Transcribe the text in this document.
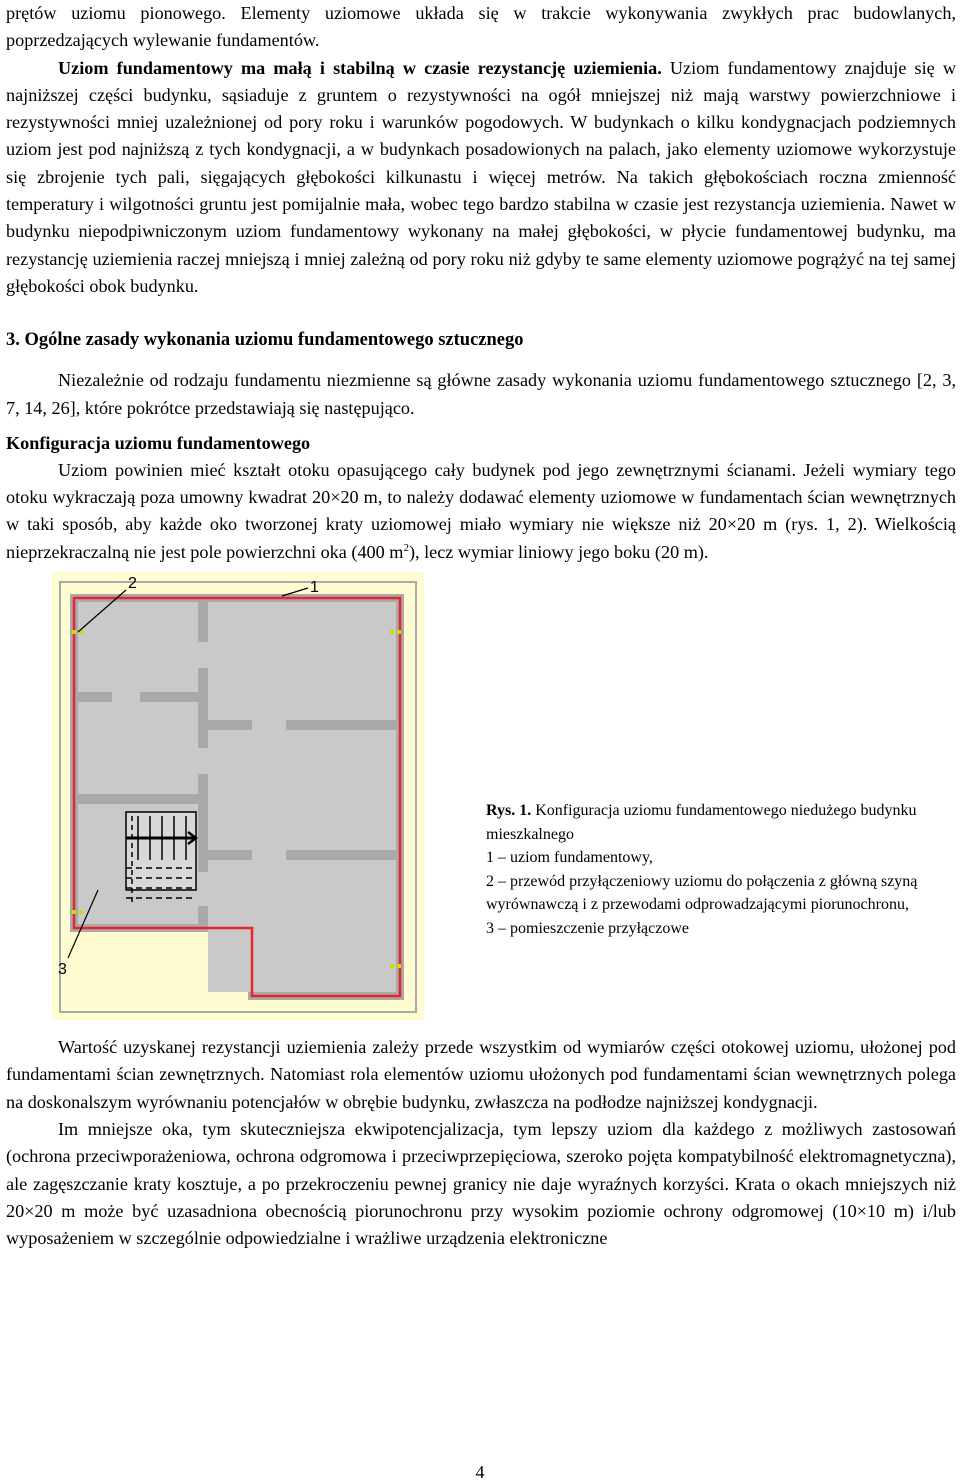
prętów uziomu pionowego. Elementy uziomowe układa się w trakcie wykonywania zwykłych prac budowlanych, poprzedzających wylewanie fundamentów.

Uziom fundamentowy ma małą i stabilną w czasie rezystancję uziemienia. Uziom fundamentowy znajduje się w najniższej części budynku, sąsiaduje z gruntem o rezystywności na ogół mniejszej niż mają warstwy powierzchniowe i rezystywności mniej uzależnionej od pory roku i warunków pogodowych. W budynkach o kilku kondygnacjach podziemnych uziom jest pod najniższą z tych kondygnacji, a w budynkach posadowionych na palach, jako elementy uziomowe wykorzystuje się zbrojenie tych pali, sięgających głębokości kilkunastu i więcej metrów. Na takich głębokościach roczna zmienność temperatury i wilgotności gruntu jest pomijalnie mała, wobec tego bardzo stabilna w czasie jest rezystancja uziemienia. Nawet w budynku niepodpiwniczonym uziom fundamentowy wykonany na małej głębokości, w płycie fundamentowej budynku, ma rezystancję uziemienia raczej mniejszą i mniej zależną od pory roku niż gdyby te same elementy uziomowe pogrążyć na tej samej głębokości obok budynku.

3. Ogólne zasady wykonania uziomu fundamentowego sztucznego

Niezależnie od rodzaju fundamentu niezmienne są główne zasady wykonania uziomu fundamentowego sztucznego [2, 3, 7, 14, 26], które pokrótce przedstawiają się następująco.

Konfiguracja uziomu fundamentowego

Uziom powinien mieć kształt otoku opasującego cały budynek pod jego zewnętrznymi ścianami. Jeżeli wymiary tego otoku wykraczają poza umowny kwadrat 20×20 m, to należy dodawać elementy uziomowe w fundamentach ścian wewnętrznych w taki sposób, aby każde oko tworzonej kraty uziomowej miało wymiary nie większe niż 20×20 m (rys. 1, 2). Wielkością nieprzekraczalną nie jest pole powierzchni oka (400 $m^2$), lecz wymiar liniowy jego boku (20 m).

2	1
3
Rys. 1. Konfiguracja uziomu fundamentowego niedużego budynku mieszkalnego
1 – uziom fundamentowy,
2 – przewód przyłączeniowy uziomu do połączenia z główną szyną wyrównawczą i z przewodami odprowadzającymi piorunochronu,
3 – pomieszczenie przyłączowe

Wartość uzyskanej rezystancji uziemienia zależy przede wszystkim od wymiarów części otokowej uziomu, ułożonej pod fundamentami ścian zewnętrznych. Natomiast rola elementów uziomu ułożonych pod fundamentami ścian wewnętrznych polega na doskonalszym wyrównaniu potencjałów w obrębie budynku, zwłaszcza na podłodze najniższej kondygnacji.

Im mniejsze oka, tym skuteczniejsza ekwipotencjalizacja, tym lepszy uziom dla każdego z możliwych zastosowań (ochrona przeciwporażeniowa, ochrona odgromowa i przeciwprzepięciowa, szeroko pojęta kompatybilność elektromagnetyczna), ale zagęszczanie kraty kosztuje, a po przekroczeniu pewnej granicy nie daje wyraźnych korzyści. Krata o okach mniejszych niż 20×20 m może być uzasadniona obecnością piorunochronu przy wysokim poziomie ochrony odgromowej (10×10 m) i/lub wyposażeniem w szczególnie odpowiedzialne i wrażliwe urządzenia elektroniczne

4
